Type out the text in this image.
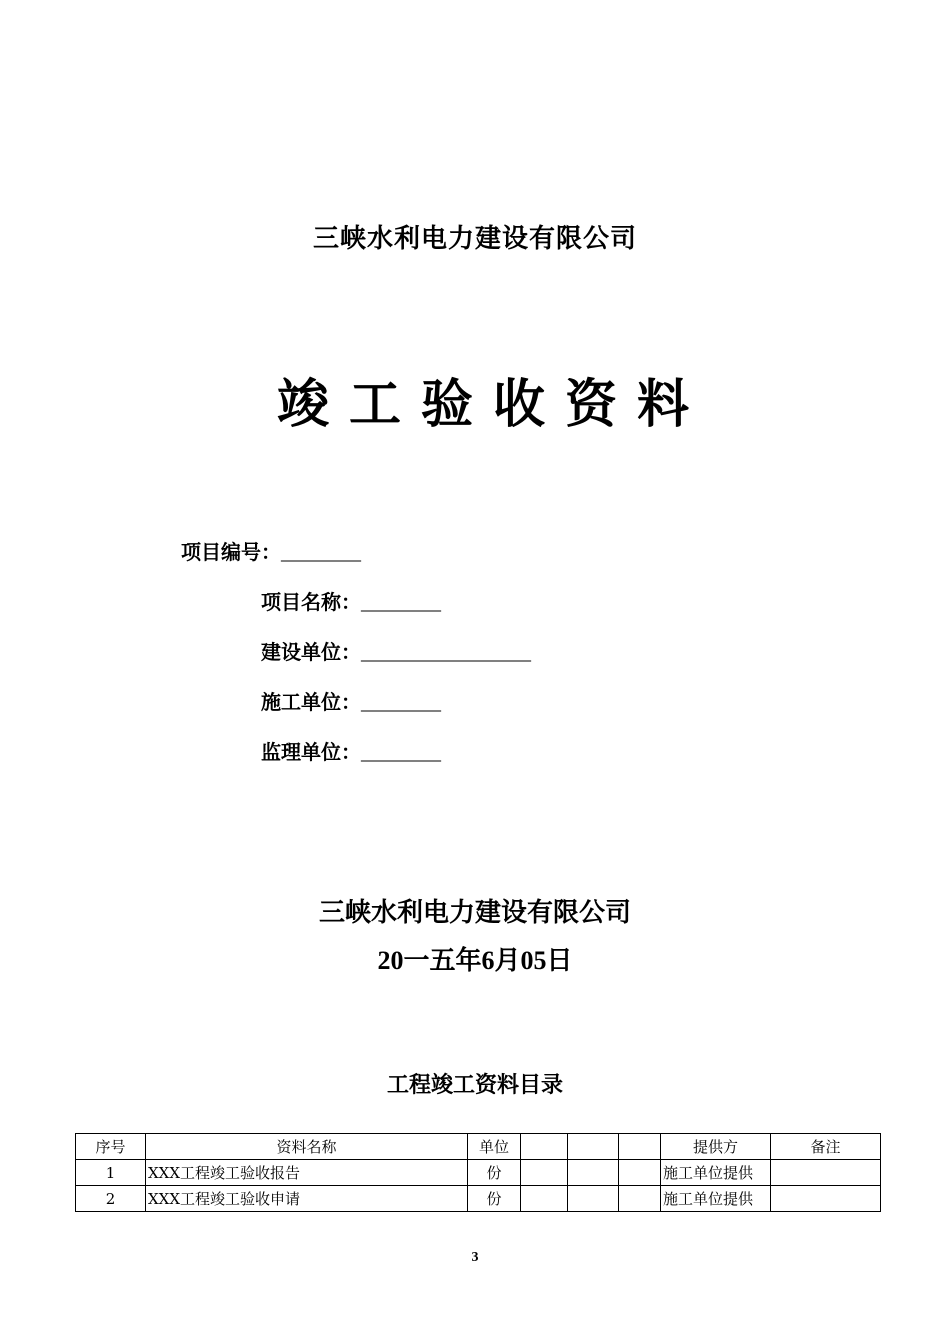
三峡水利电力建设有限公司
竣工验收资料
项目编号：________
项目名称：________
建设单位：_________________
施工单位：________
监理单位：________
三峡水利电力建设有限公司
20一五年6月05日
工程竣工资料目录
序号	资料名称	单位				提供方	备注
1	XXX工程竣工验收报告	份				施工单位提供	
2	XXX工程竣工验收申请	份				施工单位提供	
3
